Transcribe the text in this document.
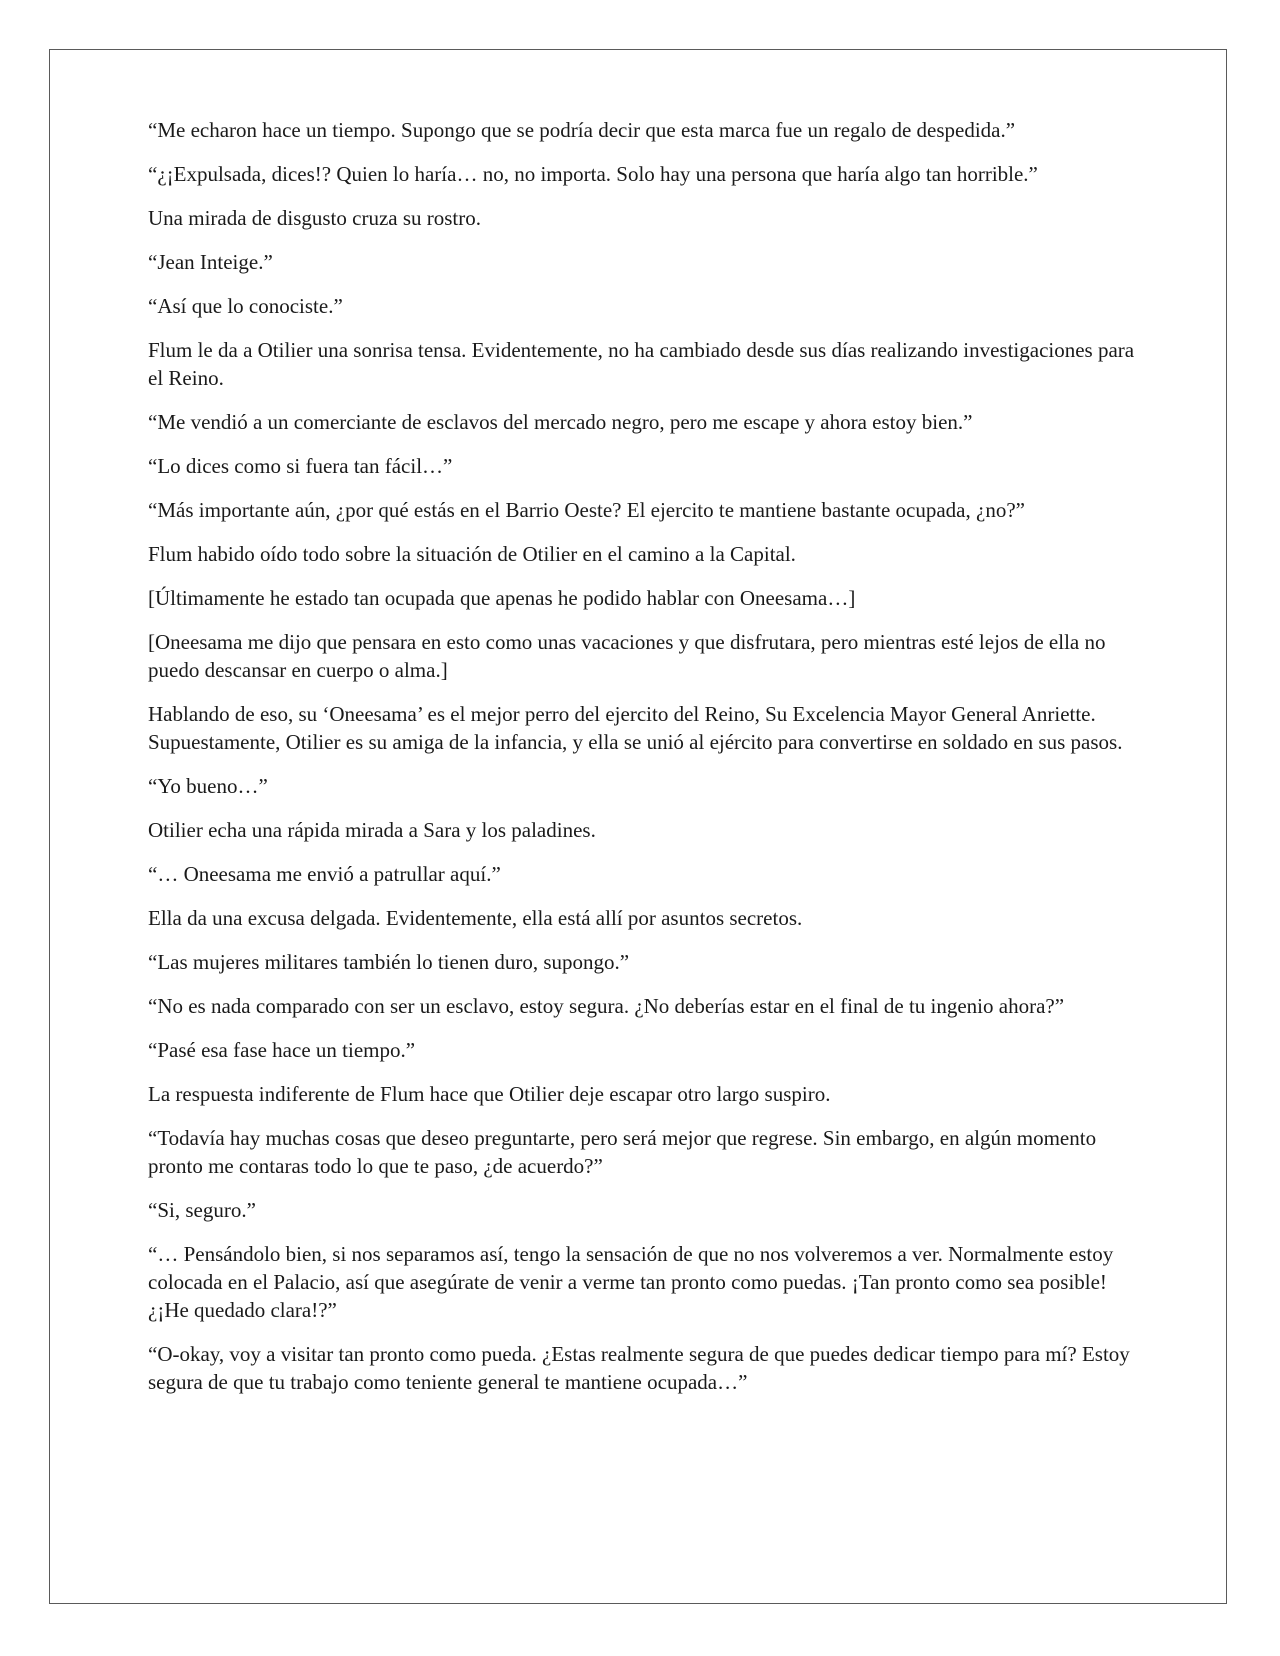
“Me echaron hace un tiempo. Supongo que se podría decir que esta marca fue un regalo de despedida.”

“¿¡Expulsada, dices!? Quien lo haría… no, no importa. Solo hay una persona que haría algo tan horrible.”

Una mirada de disgusto cruza su rostro.

“Jean Inteige.”

“Así que lo conociste.”

Flum le da a Otilier una sonrisa tensa. Evidentemente, no ha cambiado desde sus días realizando investigaciones para el Reino.

“Me vendió a un comerciante de esclavos del mercado negro, pero me escape y ahora estoy bien.”

“Lo dices como si fuera tan fácil…”

“Más importante aún, ¿por qué estás en el Barrio Oeste? El ejercito te mantiene bastante ocupada, ¿no?”

Flum habido oído todo sobre la situación de Otilier en el camino a la Capital.

[Últimamente he estado tan ocupada que apenas he podido hablar con Oneesama…]

[Oneesama me dijo que pensara en esto como unas vacaciones y que disfrutara, pero mientras esté lejos de ella no puedo descansar en cuerpo o alma.]

Hablando de eso, su ‘Oneesama’ es el mejor perro del ejercito del Reino, Su Excelencia Mayor General Anriette. Supuestamente, Otilier es su amiga de la infancia, y ella se unió al ejército para convertirse en soldado en sus pasos.

“Yo bueno…”

Otilier echa una rápida mirada a Sara y los paladines.

“… Oneesama me envió a patrullar aquí.”

Ella da una excusa delgada. Evidentemente, ella está allí por asuntos secretos.

“Las mujeres militares también lo tienen duro, supongo.”

“No es nada comparado con ser un esclavo, estoy segura. ¿No deberías estar en el final de tu ingenio ahora?”

“Pasé esa fase hace un tiempo.”

La respuesta indiferente de Flum hace que Otilier deje escapar otro largo suspiro.

“Todavía hay muchas cosas que deseo preguntarte, pero será mejor que regrese. Sin embargo, en algún momento pronto me contaras todo lo que te paso, ¿de acuerdo?”

“Si, seguro.”

“… Pensándolo bien, si nos separamos así, tengo la sensación de que no nos volveremos a ver. Normalmente estoy colocada en el Palacio, así que asegúrate de venir a verme tan pronto como puedas. ¡Tan pronto como sea posible! ¿¡He quedado clara!?”

“O-okay, voy a visitar tan pronto como pueda. ¿Estas realmente segura de que puedes dedicar tiempo para mí? Estoy segura de que tu trabajo como teniente general te mantiene ocupada…”
